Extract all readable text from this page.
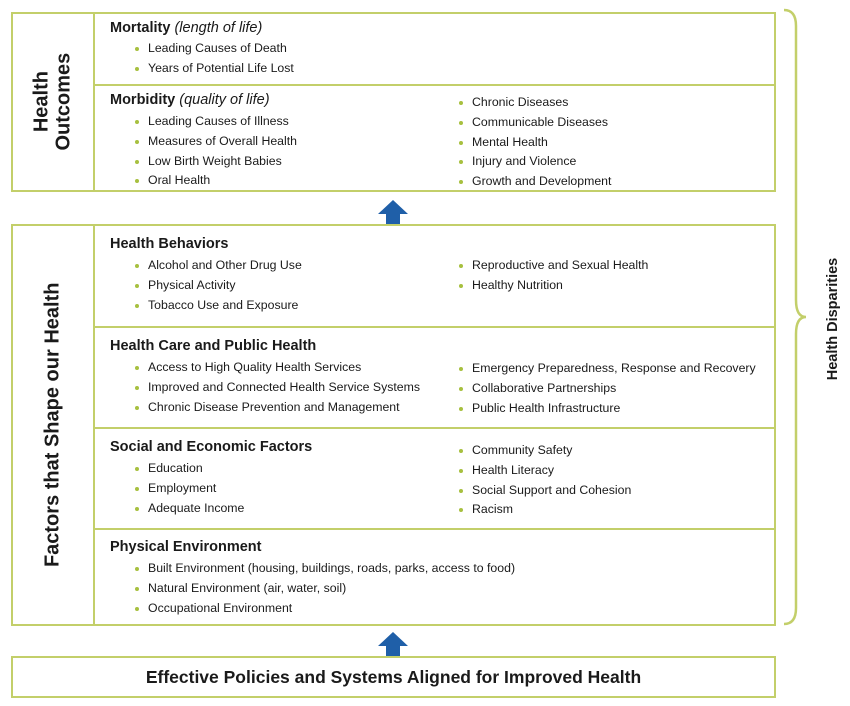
Health Outcomes
Mortality (length of life)
Leading Causes of Death
Years of Potential Life Lost
Morbidity (quality of life)
Leading Causes of Illness
Measures of Overall Health
Low Birth Weight Babies
Oral Health
Chronic Diseases
Communicable Diseases
Mental Health
Injury and Violence
Growth and Development
Factors that Shape our Health
Health Behaviors
Alcohol and Other Drug Use
Physical Activity
Tobacco Use and Exposure
Reproductive and Sexual Health
Healthy Nutrition
Health Care and Public Health
Access to High Quality Health Services
Improved and Connected Health Service Systems
Chronic Disease Prevention and Management
Emergency Preparedness, Response and Recovery
Collaborative Partnerships
Public Health Infrastructure
Social and Economic Factors
Education
Employment
Adequate Income
Community Safety
Health Literacy
Social Support and Cohesion
Racism
Physical Environment
Built Environment (housing, buildings, roads, parks, access to food)
Natural Environment (air, water, soil)
Occupational Environment
Health Disparities
Effective Policies and Systems Aligned for Improved Health
